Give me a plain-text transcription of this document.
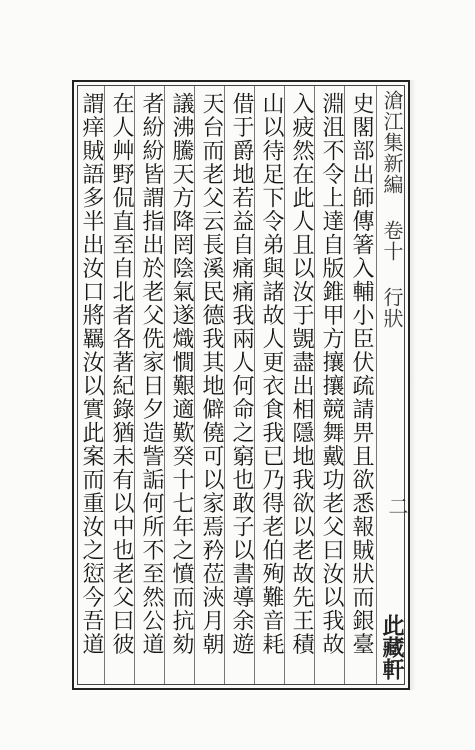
史閣部出師傳箸入輔小臣伏疏請畀且欲悉報賊狀而銀臺
淵沮不令上達自版錐甲方攘攘競舞戴功老父曰汝以我故
入疲然在此人且以汝于覬盡出相隱地我欲以老故先王積
山以待足下令弟與諸故人更衣食我已乃得老伯殉難音耗
借于爵地若益自痛痛我兩人何命之窮也敢子以書導余遊
天台而老父云長溪民德我其地僻僥可以家焉矜莅浹月朝
議沸騰天方降罔陰氣遂熾憪艱適歎癸十七年之憤而抗劾
者紛紛皆謂指出於老父侁家日夕造訾詬何所不至然公道
在人艸野侃直至自北者各著紀錄猶未有以中也老父曰彼
謂痒賊語多半出汝口將羈汝以實此案而重汝之愆今吾道	滄江集新編 卷十 行狀
二
此藏軒
